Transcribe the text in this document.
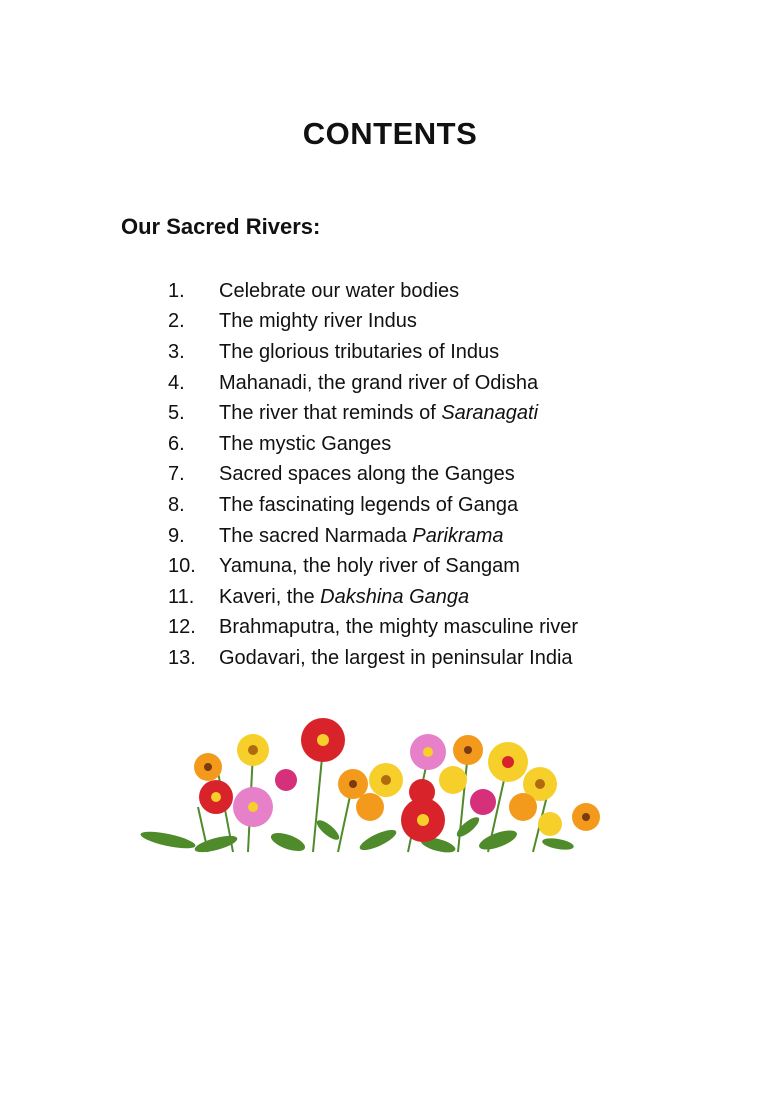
CONTENTS
Our Sacred Rivers:
1.	Celebrate our water bodies
2.	The mighty river Indus
3.	The glorious tributaries of Indus
4.	Mahanadi, the grand river of Odisha
5.	The river that reminds of Saranagati
6.	The mystic Ganges
7.	Sacred spaces along the Ganges
8.	The fascinating legends of Ganga
9.	The sacred Narmada Parikrama
10.	Yamuna, the holy river of Sangam
11.	Kaveri, the Dakshina Ganga
12.	Brahmaputra, the mighty masculine river
13.	Godavari, the largest in peninsular India
